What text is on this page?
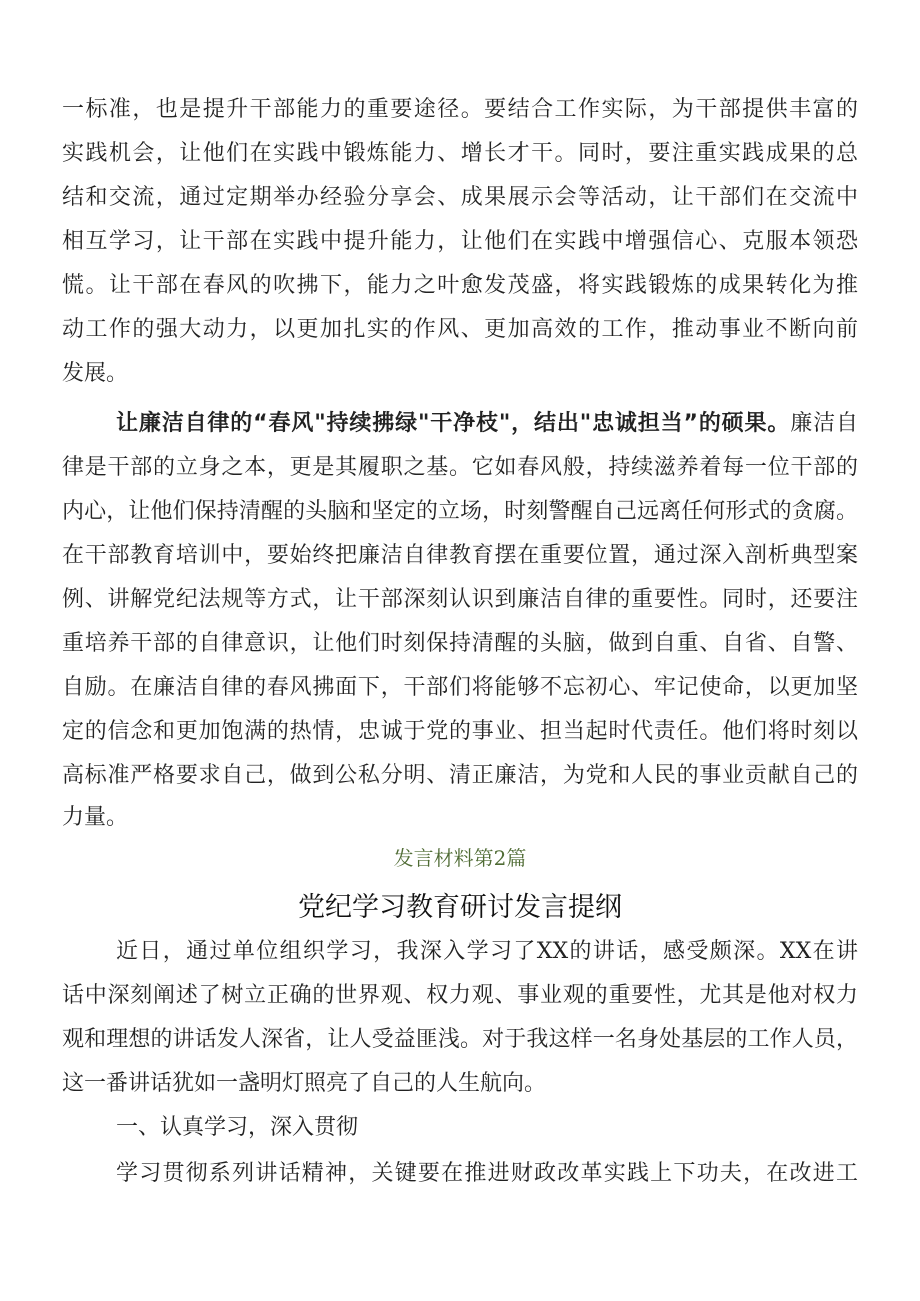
一标准，也是提升干部能力的重要途径。要结合工作实际，为干部提供丰富的
实践机会，让他们在实践中锻炼能力、增长才干。同时，要注重实践成果的总
结和交流，通过定期举办经验分享会、成果展示会等活动，让干部们在交流中
相互学习，让干部在实践中提升能力，让他们在实践中增强信心、克服本领恐
慌。让干部在春风的吹拂下，能力之叶愈发茂盛，将实践锻炼的成果转化为推
动工作的强大动力，以更加扎实的作风、更加高效的工作，推动事业不断向前
发展。
让廉洁自律的“春风"持续拂绿"干净枝"，结出"忠诚担当”的硕果。廉洁自
律是干部的立身之本，更是其履职之基。它如春风般，持续滋养着每一位干部的
内心，让他们保持清醒的头脑和坚定的立场，时刻警醒自己远离任何形式的贪腐。
在干部教育培训中，要始终把廉洁自律教育摆在重要位置，通过深入剖析典型案
例、讲解党纪法规等方式，让干部深刻认识到廉洁自律的重要性。同时，还要注
重培养干部的自律意识，让他们时刻保持清醒的头脑，做到自重、自省、自警、
自励。在廉洁自律的春风拂面下，干部们将能够不忘初心、牢记使命，以更加坚
定的信念和更加饱满的热情，忠诚于党的事业、担当起时代责任。他们将时刻以
高标准严格要求自己，做到公私分明、清正廉洁，为党和人民的事业贡献自己的
力量。
发言材料第2篇
党纪学习教育研讨发言提纲
近日，通过单位组织学习，我深入学习了XX的讲话，感受颇深。XX在讲
话中深刻阐述了树立正确的世界观、权力观、事业观的重要性，尤其是他对权力
观和理想的讲话发人深省，让人受益匪浅。对于我这样一名身处基层的工作人员，
这一番讲话犹如一盏明灯照亮了自己的人生航向。
一、认真学习，深入贯彻
学习贯彻系列讲话精神，关键要在推进财政改革实践上下功夫，在改进工
